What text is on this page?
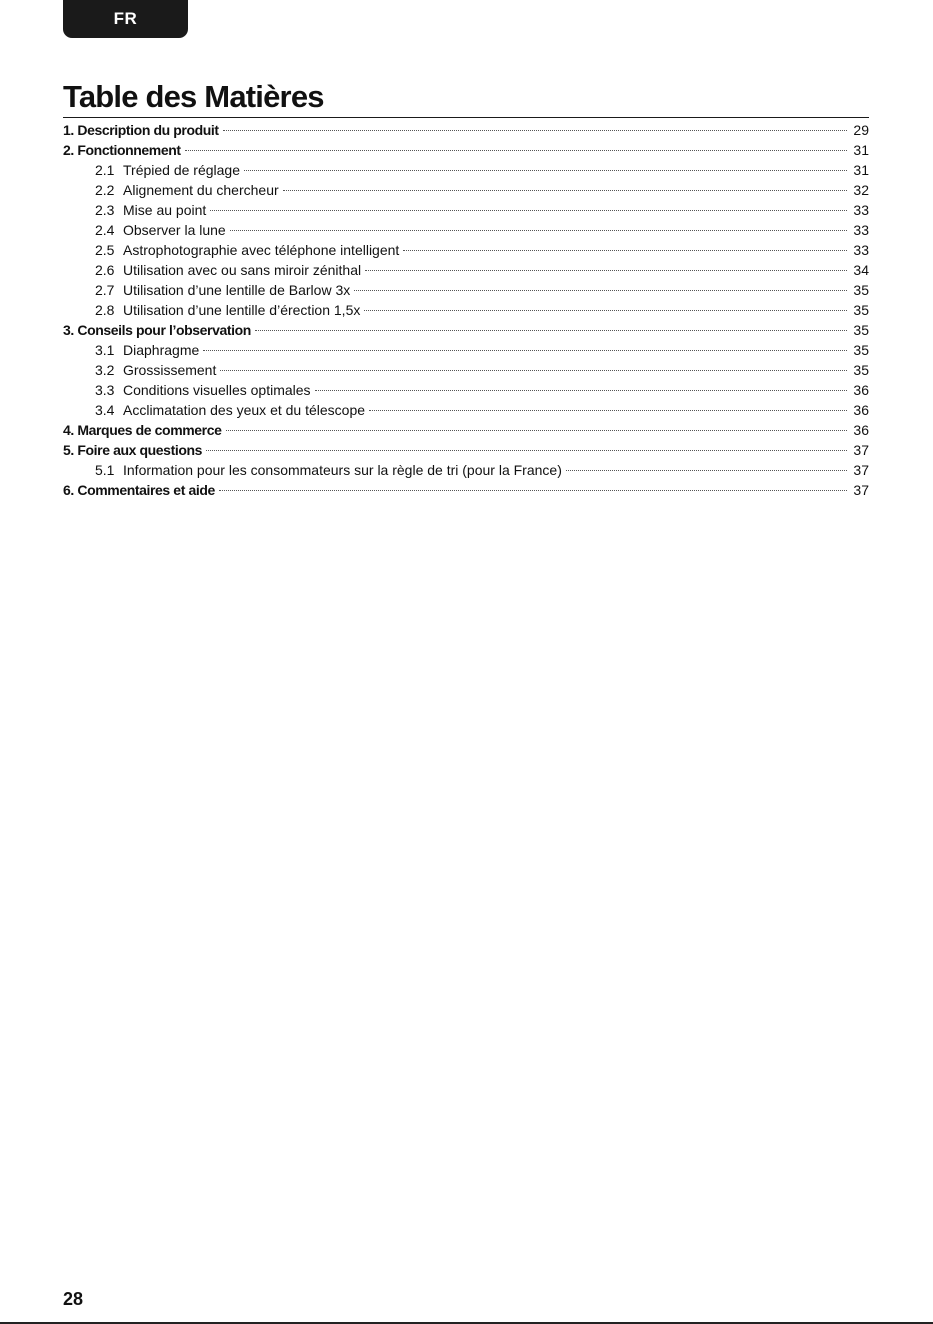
FR
Table des Matières
1. Description du produit	29
2. Fonctionnement	31
2.1 Trépied de réglage	31
2.2 Alignement du chercheur	32
2.3 Mise au point	33
2.4 Observer la lune	33
2.5 Astrophotographie avec téléphone intelligent	33
2.6 Utilisation avec ou sans miroir zénithal	34
2.7 Utilisation d’une lentille de Barlow 3x	35
2.8 Utilisation d’une lentille d’érection 1,5x	35
3. Conseils pour l’observation	35
3.1 Diaphragme	35
3.2 Grossissement	35
3.3 Conditions visuelles optimales	36
3.4 Acclimatation des yeux et du télescope	36
4. Marques de commerce	36
5. Foire aux questions	37
5.1 Information pour les consommateurs sur la règle de tri (pour la France)	37
6. Commentaires et aide	37
28
